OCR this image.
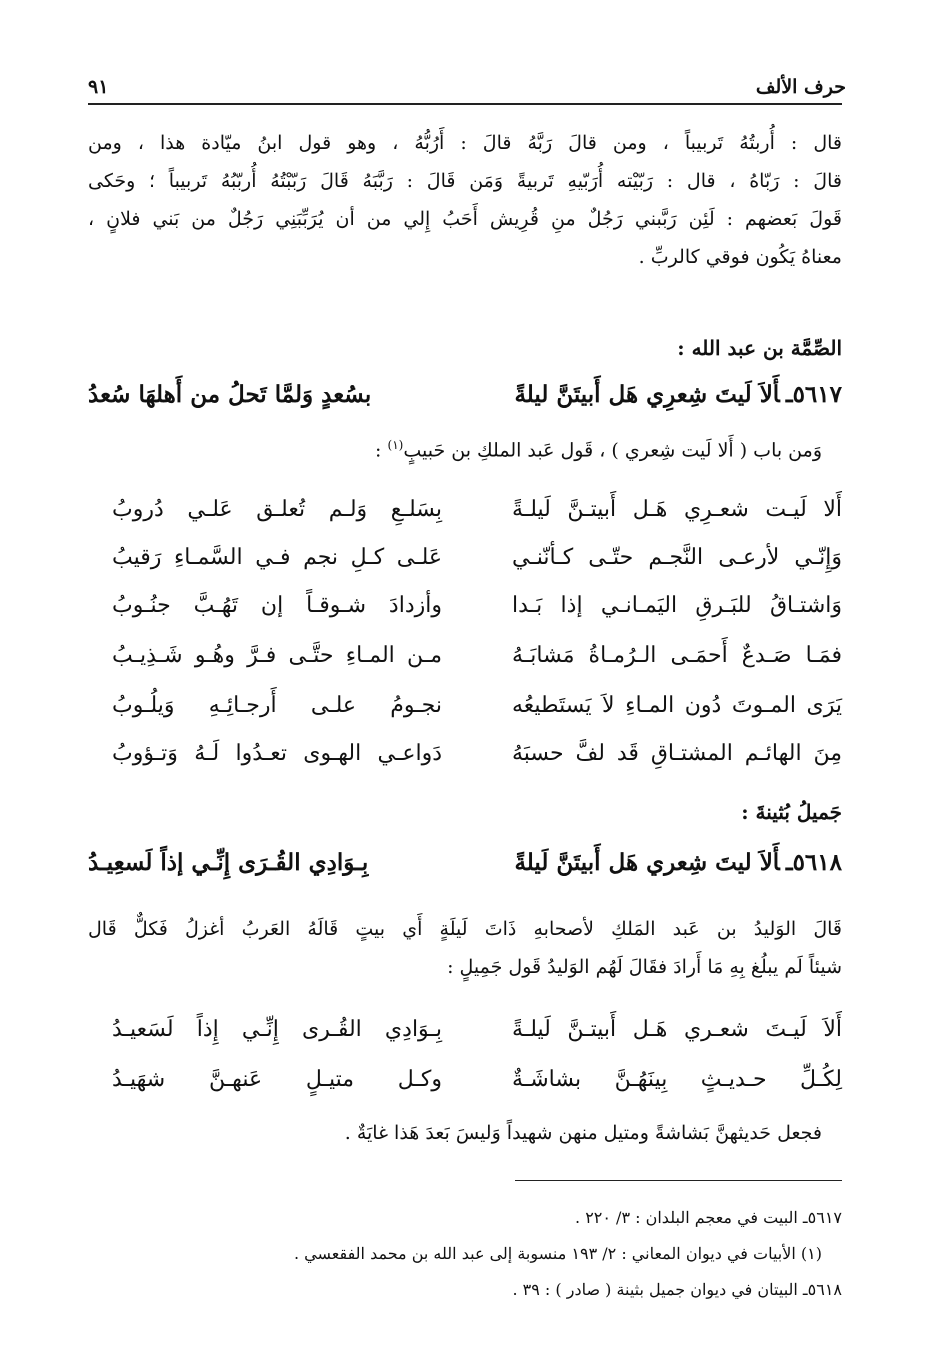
٩١	حرف الألف
قال : أُربتُهُ تَربيباً ، ومن قالَ رَبَّهُ قالَ : أَرُبُّهُ ، وهو قول ابنُ ميّادة هذا ، ومن
قالَ : رَبّاهُ ، قال : رَبّيْته أُرَبّيهِ تَربيةً وَمَن قَالَ : رَبَّبَهُ قَالَ رَبّبْتُهُ أُربّبُهُ تَربيباً ؛ وحَكى
قَولَ بَعضهم : لَئِن رَبَّبني رَجُلٌ منِ قُرِيش أَحَبُ إِلي من أن يُرَبِّبَنِي رَجُلٌ من بَني فلانٍ ،
معناهُ يَكُون فوقي كالربِّ .
الصِّمَّة بن عبد الله :
٥٦١٧ـأَلاَ لَيتَ شِعرِي هَل أَبيتَنَّ ليلةً
بسُعدٍ وَلمَّا تَحلُ من أَهلهَا سُعدُ
وَمن باب ( أَلا لَيت شِعري ) ، قَول عَبد الملكِ بن حَبيبٍ$^{(١)}$ :
أَلا لَيـت شعـرِي هَـل أَبيتـنَّ لَيلـةً
بِسَلـعِ وَلـم تُعلـق عَلـي دُروبُ
وَإِنّـي لأرعـى النَّجـم حتّـى كـأنّنـي
عَلـى كـلِ نجم فـي السَّمـاءِ رَقيبُ
وَاشتـاقُ للبَـرقِ اليَمـانـي إذا بَـدا
وأزدادَ شـوقـاً إن تَهُـبَّ جنُـوبُ
فمَـا صَـدعٌ أَحمَـى الـرُمـاةُ مَشابَـهُ
مـن المـاءِ حتَّـى فـرَّ وهُـو شَـذِيـبُ
يَرَى المـوتَ دُون المـاءِ لاَ يَستَطيعُه
نجـومُ علـى أَرجـائِـهِ وَيلُـوبُ
مِنَ الهائـم المشتـاقِ قَد لفَّ حسبَهُ
دَواعـي الهـوى تعـدُوا لَـهُ وَتـؤوبُ
جَميلُ بُثينةَ :
٥٦١٨ـأَلاَ ليتَ شِعري هَل أَبيتَنَّ لَيلةً
بِـوَادِي القُـرَى إِنِّـي إذاً لَسعِيـدُ
قَالَ الوَليدُ بن عَبد المَلكِ لأصحابهِ ذَاتَ لَيلَةٍ أَي بيتٍ قَالَهُ العَربُ أغزلُ فَكلٌّ قَال
شيئاً لَم يبلُغ بِهِ مَا أَرادَ فقَالَ لَهُم الوَليدُ قَول جَمِيلٍ :
أَلاَ لَيـتَ شعـري هَـل أَبيتـنَّ لَيلـةً
بِـوَادِي القُـرى إِنِّـي إِذاً لَسَعيـدُ
لِكُـلِّ حـديـثٍ بِينَهُـنَّ بشاشَـةٌ
وكـل متيـلٍ عَنهـنَّ شهَيـدُ
فجعل حَديثهنَّ بَشاشةً ومتيل منهن شهيداً وَليسَ بَعدَ هَذا غايَةٌ .
٥٦١٧ـ البيت في معجم البلدان : ٣/ ٢٢٠ .
(١) الأبيات في ديوان المعاني : ٢/ ١٩٣ منسوبة إلى عبد الله بن محمد الفقعسي .
٥٦١٨ـ البيتان في ديوان جميل بثينة ( صادر ) : ٣٩ .
